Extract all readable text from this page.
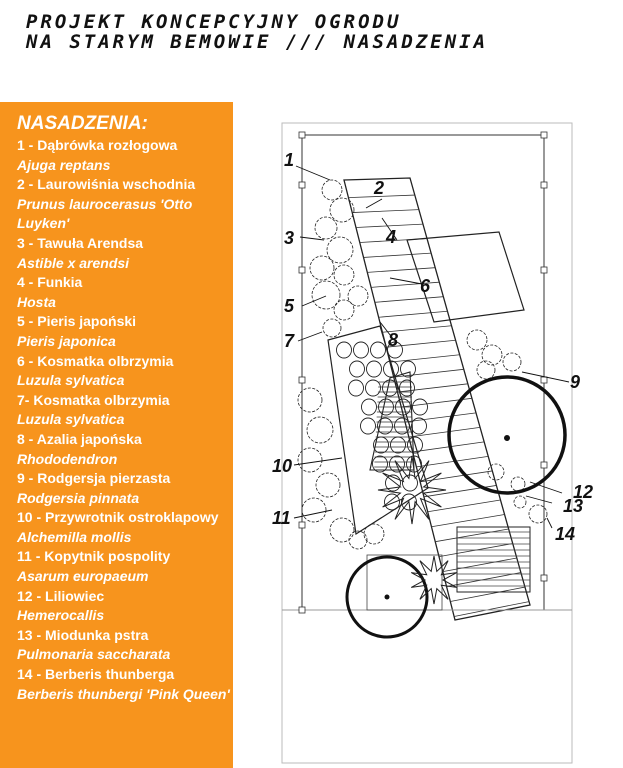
PROJEKT KONCEPCYJNY OGRODU
NA STARYM BEMOWIE /// NASADZENIA
NASADZENIA:
1 - Dąbrówka rozłogowa
Ajuga reptans
2 - Laurowiśnia wschodnia
Prunus laurocerasus 'Otto Luyken'
3 - Tawuła Arendsa
Astible x arendsi
4 - Funkia
Hosta
5 - Pieris japoński
Pieris japonica
6 - Kosmatka olbrzymia
Luzula sylvatica
7- Kosmatka olbrzymia
Luzula sylvatica
8 - Azalia japońska
Rhododendron
9 - Rodgersja pierzasta
Rodgersia pinnata
10 - Przywrotnik ostroklapowy
Alchemilla mollis
11 - Kopytnik pospolity
Asarum europaeum
12 - Liliowiec
Hemerocallis
13 - Miodunka pstra
Pulmonaria saccharata
14 - Berberis thunberga
Berberis thunbergi 'Pink Queen'
1
2
3	4
5
6
7	8
9
10
11
12
13
14
